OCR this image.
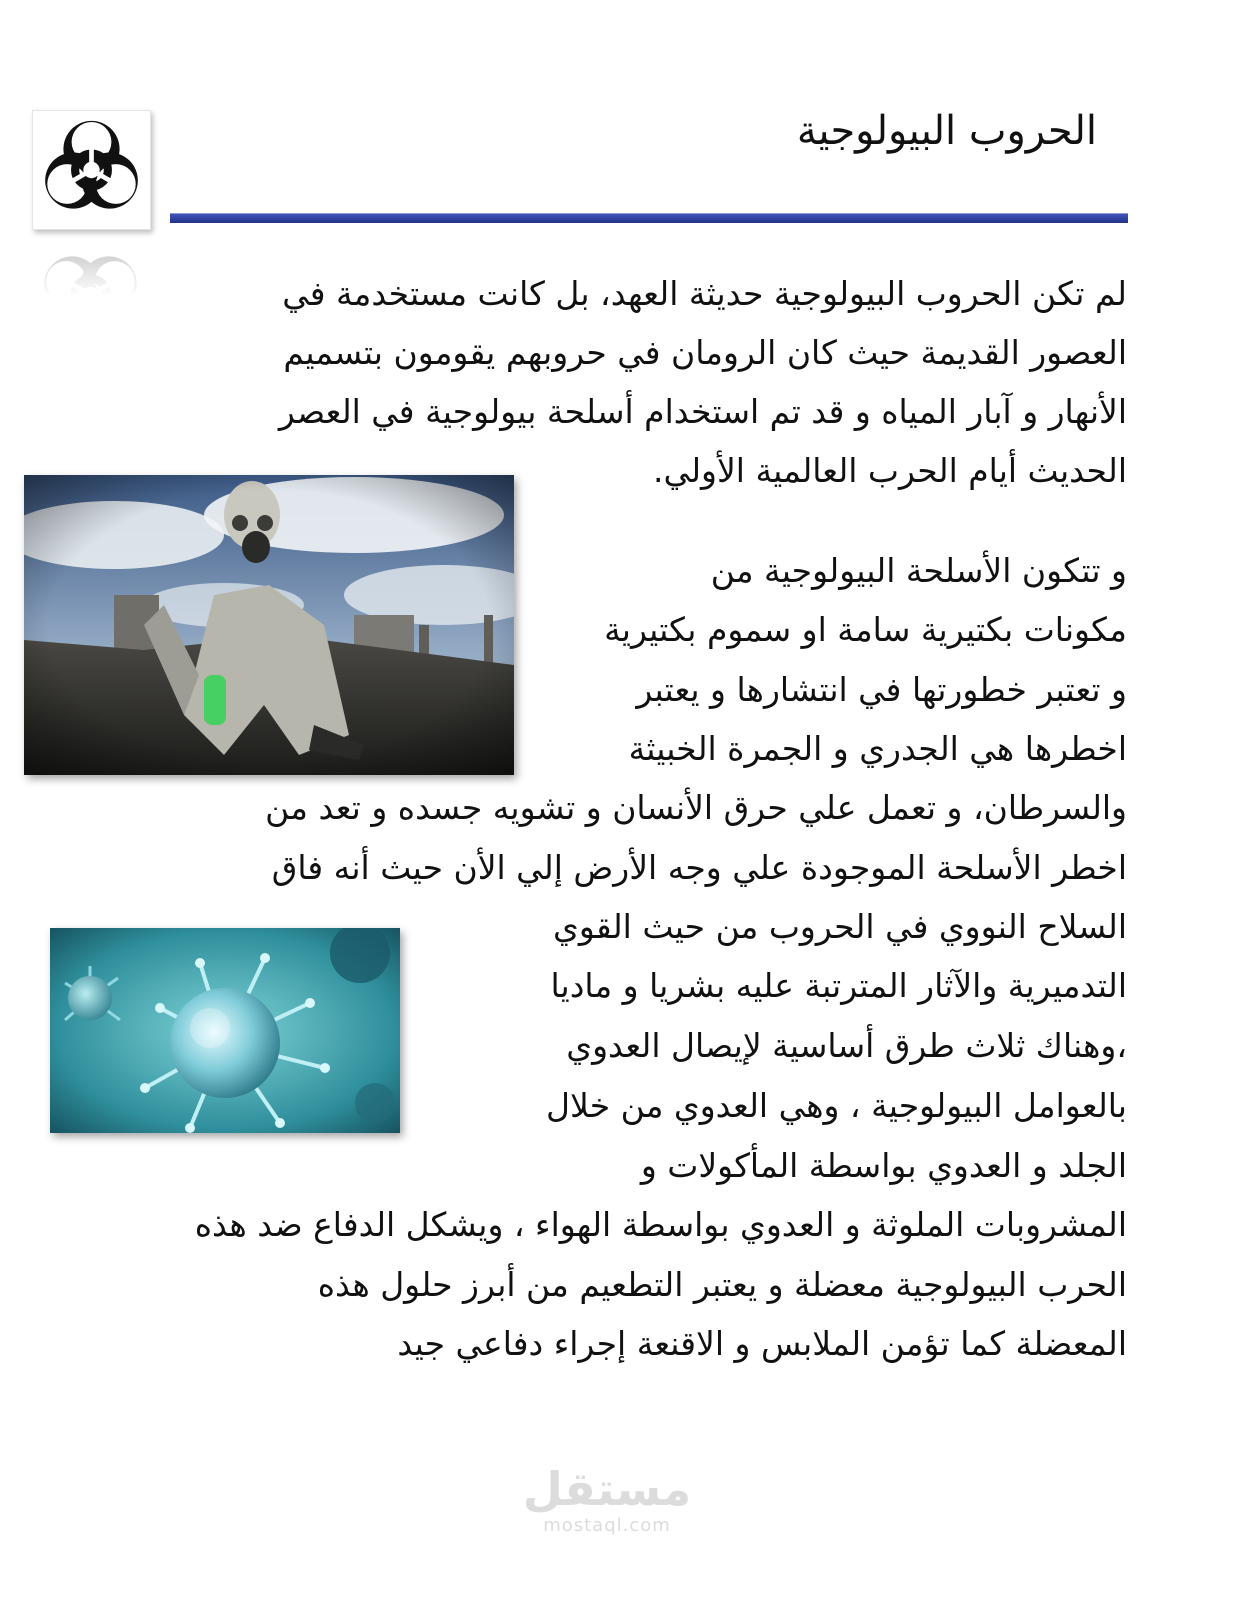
الحروب البيولوجية
لم تكن الحروب البيولوجية حديثة العهد، بل كانت مستخدمة في
العصور القديمة حيث كان الرومان في حروبهم يقومون بتسميم
الأنهار و آبار المياه و قد تم استخدام أسلحة بيولوجية في العصر
الحديث أيام الحرب العالمية الأولي.
و تتكون الأسلحة البيولوجية من
مكونات بكتيرية سامة او سموم بكتيرية
و تعتبر خطورتها في انتشارها و يعتبر
اخطرها هي الجدري و الجمرة الخبيثة
والسرطان، و تعمل علي حرق الأنسان و تشويه جسده و تعد من
اخطر الأسلحة الموجودة علي وجه الأرض إلي الأن حيث أنه فاق
السلاح النووي في الحروب من حيث القوي
التدميرية والآثار المترتبة عليه بشريا و ماديا
،وهناك ثلاث طرق أساسية لإيصال العدوي
بالعوامل البيولوجية ، وهي العدوي من خلال
الجلد و العدوي بواسطة المأكولات و
المشروبات الملوثة و العدوي بواسطة الهواء ، ويشكل الدفاع ضد هذه
الحرب البيولوجية معضلة و يعتبر التطعيم من أبرز حلول هذه
المعضلة كما تؤمن الملابس و الاقنعة إجراء دفاعي جيد
مستقل
mostaql.com
